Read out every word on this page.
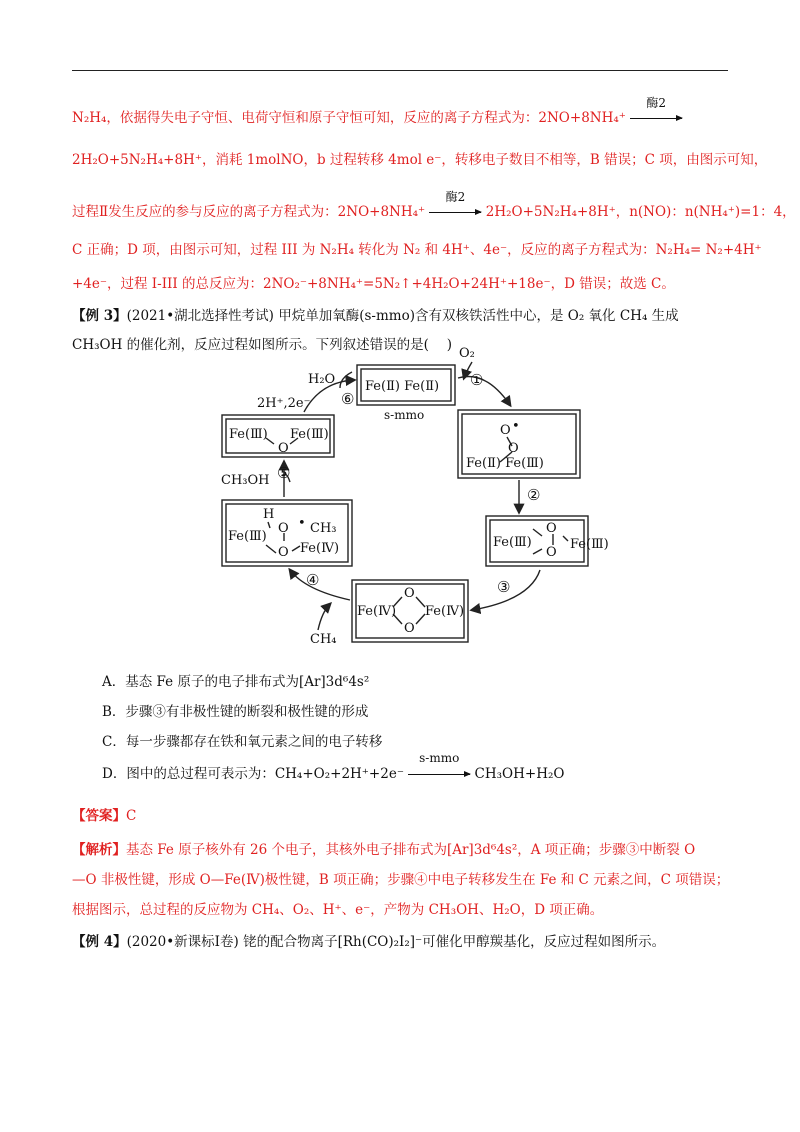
N₂H₄，依据得失电子守恒、电荷守恒和原子守恒可知，反应的离子方程式为：2NO+8NH₄⁺
酶2
2H₂O+5N₂H₄+8H⁺，消耗 1molNO，b 过程转移 4mol e⁻，转移电子数目不相等，B 错误；C 项，由图示可知，
过程Ⅱ发生反应的参与反应的离子方程式为：2NO+8NH₄⁺
酶2
2H₂O+5N₂H₄+8H⁺，n(NO)：n(NH₄⁺)=1：4，
C 正确；D 项，由图示可知，过程 III 为 N₂H₄ 转化为 N₂ 和 4H⁺、4e⁻，反应的离子方程式为：N₂H₄= N₂+4H⁺
+4e⁻，过程 I-III 的总反应为：2NO₂⁻+8NH₄⁺=5N₂↑+4H₂O+24H⁺+18e⁻，D 错误；故选 C。
【例 3】(2021•湖北选择性考试) 甲烷单加氧酶(s-mmo)含有双核铁活性中心，是 O₂ 氧化 CH₄ 生成
CH₃OH 的催化剂，反应过程如图所示。下列叙述错误的是(　 )
Fe(Ⅱ) Fe(Ⅱ)
s-mmo
O •
O
Fe(Ⅱ) Fe(Ⅲ)
Fe(Ⅲ)
O
O
Fe(Ⅲ)
Fe(Ⅳ)
O
O
Fe(Ⅳ)
H
Fe(Ⅲ)
O • CH₃
O Fe(Ⅳ)
Fe(Ⅲ)
O
Fe(Ⅲ)
①
②
③
④
⑤
⑥
O₂
CH₄
CH₃OH
H₂O
2H⁺,2e⁻
A．基态 Fe 原子的电子排布式为[Ar]3d⁶4s²
B．步骤③有非极性键的断裂和极性键的形成
C．每一步骤都存在铁和氧元素之间的电子转移
D．图中的总过程可表示为：CH₄+O₂+2H⁺+2e⁻
s-mmo
CH₃OH+H₂O
【答案】C
【解析】基态 Fe 原子核外有 26 个电子，其核外电子排布式为[Ar]3d⁶4s²，A 项正确；步骤③中断裂 O
—O 非极性键，形成 O—Fe(Ⅳ)极性键，B 项正确；步骤④中电子转移发生在 Fe 和 C 元素之间，C 项错误；
根据图示，总过程的反应物为 CH₄、O₂、H⁺、e⁻，产物为 CH₃OH、H₂O，D 项正确。
【例 4】(2020•新课标Ⅰ卷) 铑的配合物离子[Rh(CO)₂I₂]⁻可催化甲醇羰基化，反应过程如图所示。
